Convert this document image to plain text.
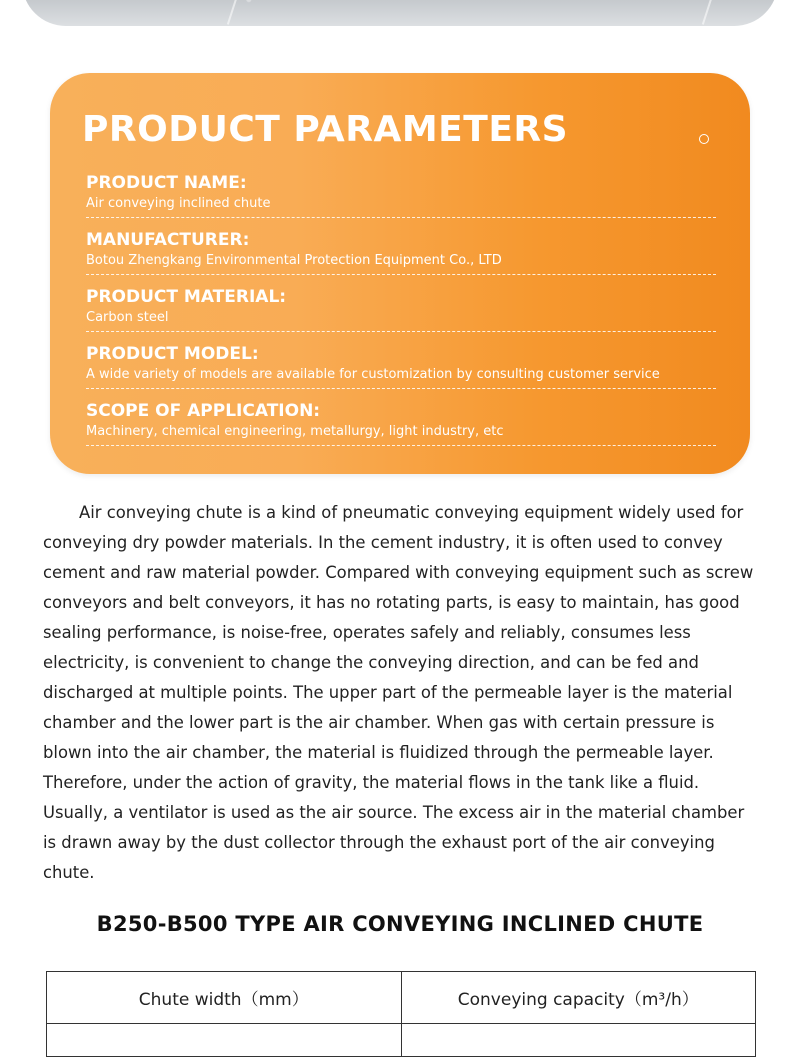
PRODUCT PARAMETERS
PRODUCT NAME:
Air conveying inclined chute
MANUFACTURER:
Botou Zhengkang Environmental Protection Equipment Co., LTD
PRODUCT MATERIAL:
Carbon steel
PRODUCT MODEL:
A wide variety of models are available for customization by consulting customer service
SCOPE OF APPLICATION:
Machinery, chemical engineering, metallurgy, light industry, etc

Air conveying chute is a kind of pneumatic conveying equipment widely used for conveying dry powder materials. In the cement industry, it is often used to convey cement and raw material powder. Compared with conveying equipment such as screw conveyors and belt conveyors, it has no rotating parts, is easy to maintain, has good sealing performance, is noise-free, operates safely and reliably, consumes less electricity, is convenient to change the conveying direction, and can be fed and discharged at multiple points. The upper part of the permeable layer is the material chamber and the lower part is the air chamber. When gas with certain pressure is blown into the air chamber, the material is fluidized through the permeable layer. Therefore, under the action of gravity, the material flows in the tank like a fluid. Usually, a ventilator is used as the air source. The excess air in the material chamber is drawn away by the dust collector through the exhaust port of the air conveying chute.

B250-B500 TYPE AIR CONVEYING INCLINED CHUTE
Chute width（mm）	Conveying capacity（m³/h）
